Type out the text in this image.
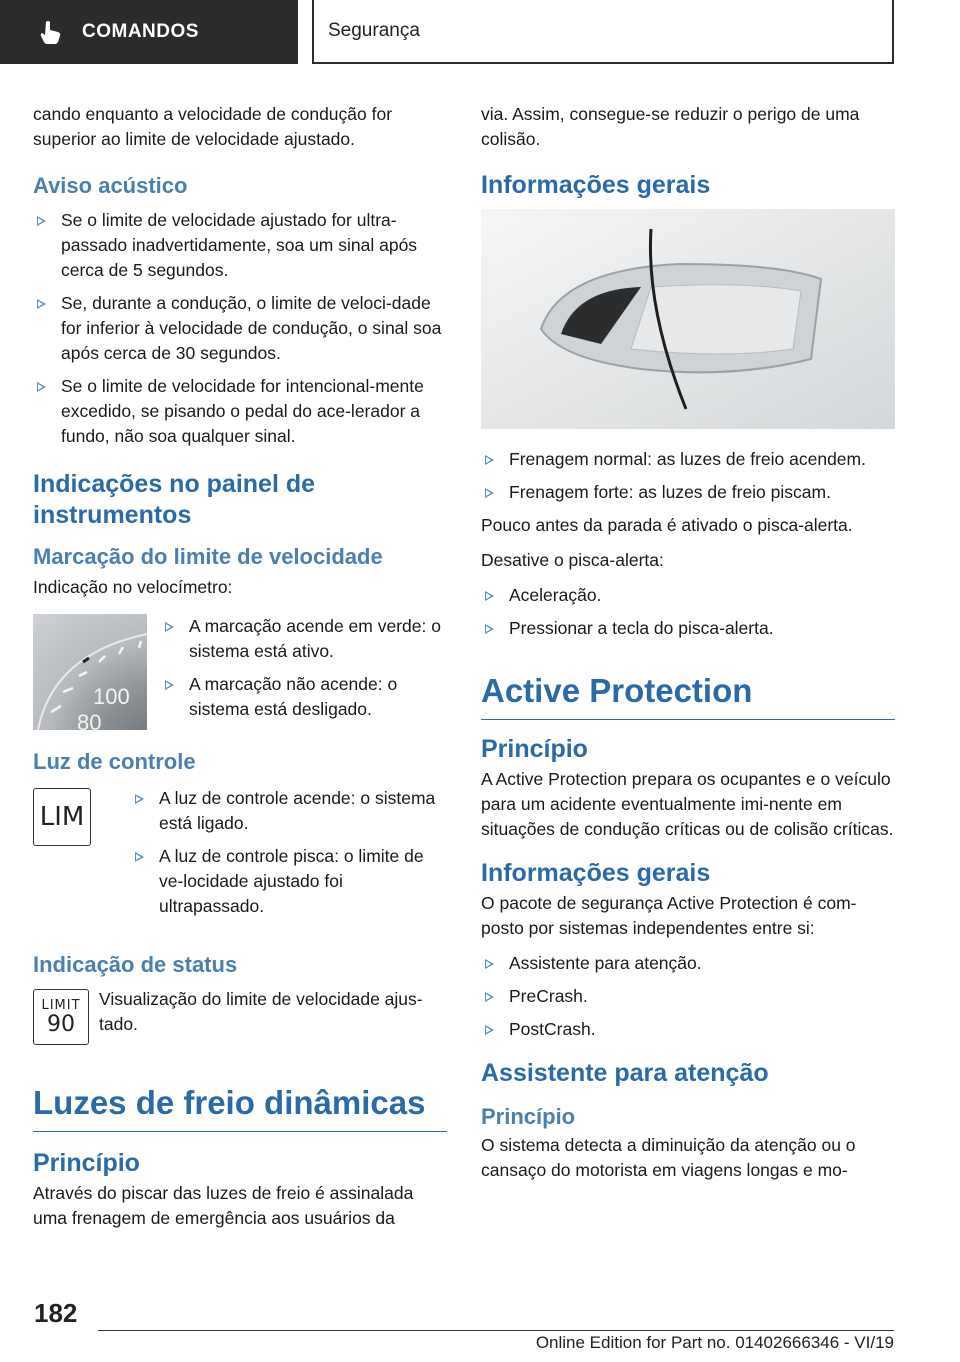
COMANDOS	Segurança

cando enquanto a velocidade de condução for superior ao limite de velocidade ajustado.

Aviso acústico
Se o limite de velocidade ajustado for ultra-passado inadvertidamente, soa um sinal após cerca de 5 segundos.
Se, durante a condução, o limite de veloci-dade for inferior à velocidade de condução, o sinal soa após cerca de 30 segundos.
Se o limite de velocidade for intencional-mente excedido, se pisando o pedal do ace-lerador a fundo, não soa qualquer sinal.
Indicações no painel de instrumentos
Marcação do limite de velocidade

Indicação no velocímetro:

100
80
A marcação acende em verde: o sistema está ativo.
A marcação não acende: o sistema está desligado.
Luz de controle
LIM
A luz de controle acende: o sistema está ligado.
A luz de controle pisca: o limite de ve-locidade ajustado foi ultrapassado.
Indicação de status
LIMIT
90

Visualização do limite de velocidade ajus-tado.

Luzes de freio dinâmicas
Princípio

Através do piscar das luzes de freio é assinalada uma frenagem de emergência aos usuários da

via. Assim, consegue-se reduzir o perigo de uma colisão.

Informações gerais
Frenagem normal: as luzes de freio acendem.
Frenagem forte: as luzes de freio piscam.

Pouco antes da parada é ativado o pisca-alerta.

Desative o pisca-alerta:

Aceleração.
Pressionar a tecla do pisca-alerta.
Active Protection
Princípio

A Active Protection prepara os ocupantes e o veículo para um acidente eventualmente imi-nente em situações de condução críticas ou de colisão críticas.

Informações gerais

O pacote de segurança Active Protection é com-posto por sistemas independentes entre si:

Assistente para atenção.
PreCrash.
PostCrash.
Assistente para atenção
Princípio

O sistema detecta a diminuição da atenção ou o cansaço do motorista em viagens longas e mo-

182
Online Edition for Part no. 01402666346 - VI/19
